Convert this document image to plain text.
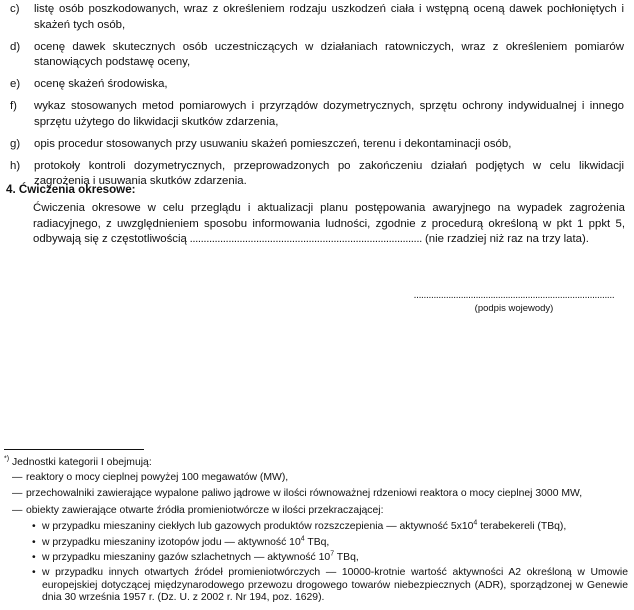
c)	listę osób poszkodowanych, wraz z określeniem rodzaju uszkodzeń ciała i wstępną oceną dawek pochłoniętych i skażeń tych osób,
d)	ocenę dawek skutecznych osób uczestniczących w działaniach ratowniczych, wraz z określeniem pomiarów stanowiących podstawę oceny,
e)	ocenę skażeń środowiska,
f)	wykaz stosowanych metod pomiarowych i przyrządów dozymetrycznych, sprzętu ochrony indywidualnej i innego sprzętu użytego do likwidacji skutków zdarzenia,
g)	opis procedur stosowanych przy usuwaniu skażeń pomieszczeń, terenu i dekontaminacji osób,
h)	protokoły kontroli dozymetrycznych, przeprowadzonych po zakończeniu działań podjętych w celu likwidacji zagrożenia i usuwania skutków zdarzenia.
4. Ćwiczenia okresowe:

Ćwiczenia okresowe w celu przeglądu i aktualizacji planu postępowania awaryjnego na wypadek zagrożenia radiacyjnego, z uwzględnieniem sposobu informowania ludności, zgodnie z procedurą określoną w pkt 1 ppkt 5, odbywają się z częstotliwością .................................................................................... (nie rzadziej niż raz na trzy lata).

.................................................................................
(podpis wojewody)
*) Jednostki kategorii I obejmują:
— reaktory o mocy cieplnej powyżej 100 megawatów (MW),
— przechowalniki zawierające wypalone paliwo jądrowe w ilości równoważnej rdzeniowi reaktora o mocy cieplnej 3000 MW,
— obiekty zawierające otwarte źródła promieniotwórcze w ilości przekraczającej:
• w przypadku mieszaniny ciekłych lub gazowych produktów rozszczepienia — aktywność $5x10^4$ terabekereli (TBq),
• w przypadku mieszaniny izotopów jodu — aktywność $10^4$ TBq,
• w przypadku mieszaniny gazów szlachetnych — aktywność $10^7$ TBq,
• w przypadku innych otwartych źródeł promieniotwórczych — 10000-krotnie wartość aktywności A2 określoną w Umowie europejskiej dotyczącej międzynarodowego przewozu drogowego towarów niebezpiecznych (ADR), sporządzonej w Genewie dnia 30 września 1957 r. (Dz. U. z 2002 r. Nr 194, poz. 1629).
